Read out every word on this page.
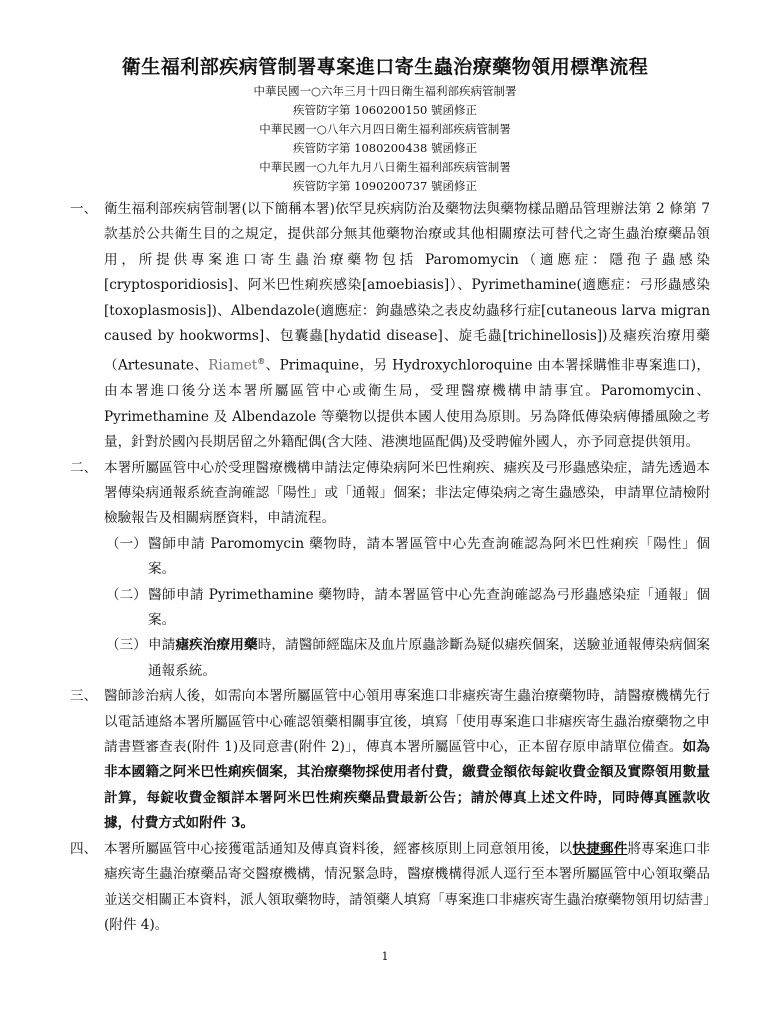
衛生福利部疾病管制署專案進口寄生蟲治療藥物領用標準流程
中華民國一○六年三月十四日衛生福利部疾病管制署
疾管防字第 1060200150 號函修正
中華民國一○八年六月四日衛生福利部疾病管制署
疾管防字第 1080200438 號函修正
中華民國一○九年九月八日衛生福利部疾病管制署
疾管防字第 1090200737 號函修正
一、 衛生福利部疾病管制署(以下簡稱本署)依罕見疾病防治及藥物法與藥物樣品贈品管理辦法第 2 條第 7 款基於公共衛生目的之規定，提供部分無其他藥物治療或其他相關療法可替代之寄生蟲治療藥品領用，所提供專案進口寄生蟲治療藥物包括 Paromomycin（適應症：隱孢子蟲感染[cryptosporidiosis]、阿米巴性痢疾感染[amoebiasis]）、Pyrimethamine(適應症：弓形蟲感染[toxoplasmosis])、Albendazole(適應症：鉤蟲感染之表皮幼蟲移行症[cutaneous larva migran caused by hookworms]、包囊蟲[hydatid disease]、旋毛蟲[trichinellosis])及瘧疾治療用藥（Artesunate、Riamet®、Primaquine，另 Hydroxychloroquine 由本署採購惟非專案進口)，由本署進口後分送本署所屬區管中心或衛生局，受理醫療機構申請事宜。Paromomycin、Pyrimethamine 及 Albendazole 等藥物以提供本國人使用為原則。另為降低傳染病傳播風險之考量，針對於國內長期居留之外籍配偶(含大陸、港澳地區配偶)及受聘僱外國人，亦予同意提供領用。
二、 本署所屬區管中心於受理醫療機構申請法定傳染病阿米巴性痢疾、瘧疾及弓形蟲感染症，請先透過本署傳染病通報系統查詢確認「陽性」或「通報」個案；非法定傳染病之寄生蟲感染，申請單位請檢附檢驗報告及相關病歷資料，申請流程。
（一） 醫師申請 Paromomycin 藥物時，請本署區管中心先查詢確認為阿米巴性痢疾「陽性」個案。
（二） 醫師申請 Pyrimethamine 藥物時，請本署區管中心先查詢確認為弓形蟲感染症「通報」個案。
（三） 申請瘧疾治療用藥時，請醫師經臨床及血片原蟲診斷為疑似瘧疾個案，送驗並通報傳染病個案通報系統。
三、 醫師診治病人後，如需向本署所屬區管中心領用專案進口非瘧疾寄生蟲治療藥物時，請醫療機構先行以電話連絡本署所屬區管中心確認領藥相關事宜後，填寫「使用專案進口非瘧疾寄生蟲治療藥物之申請書暨審查表(附件 1)及同意書(附件 2)」，傳真本署所屬區管中心，正本留存原申請單位備查。如為非本國籍之阿米巴性痢疾個案，其治療藥物採使用者付費，繳費金額依每錠收費金額及實際領用數量計算，每錠收費金額詳本署阿米巴性痢疾藥品費最新公告；請於傳真上述文件時，同時傳真匯款收據，付費方式如附件 3。
四、 本署所屬區管中心接獲電話通知及傳真資料後，經審核原則上同意領用後，以快捷郵件將專案進口非瘧疾寄生蟲治療藥品寄交醫療機構，情況緊急時，醫療機構得派人逕行至本署所屬區管中心領取藥品並送交相關正本資料，派人領取藥物時，請領藥人填寫「專案進口非瘧疾寄生蟲治療藥物領用切結書」(附件 4)。
1
